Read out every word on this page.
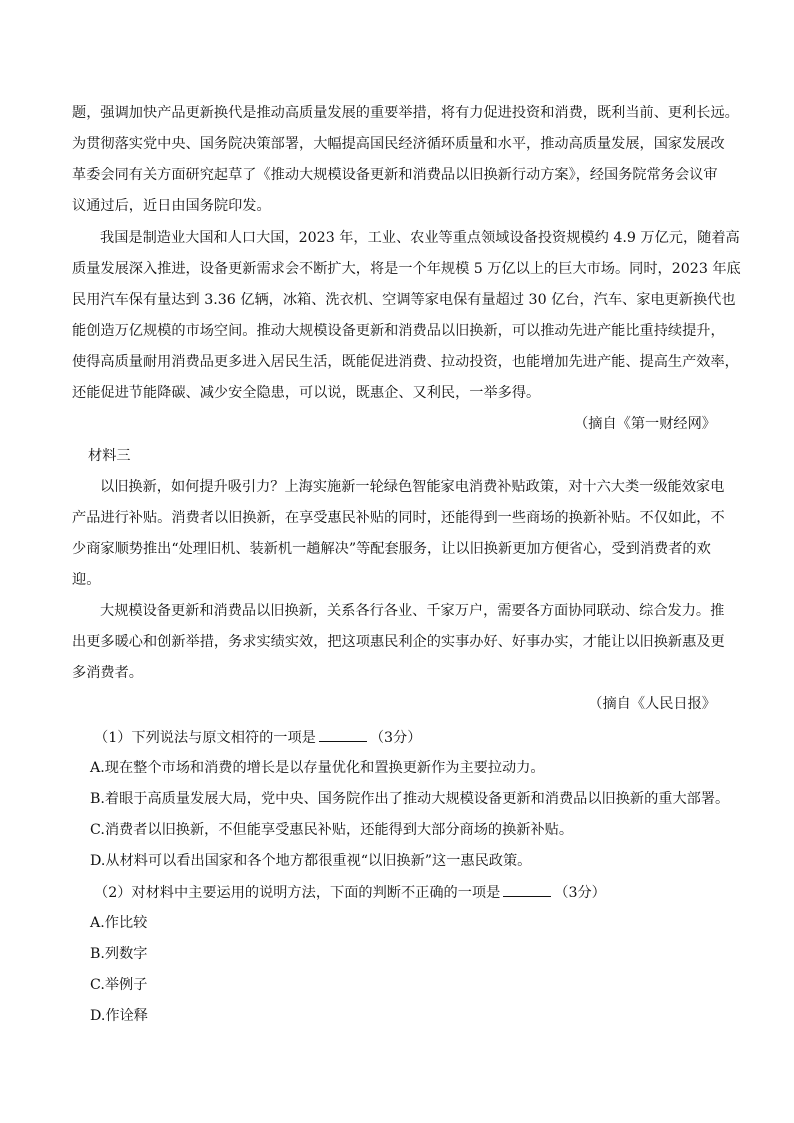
题，强调加快产品更新换代是推动高质量发展的重要举措，将有力促进投资和消费，既利当前、更利长远。
为贯彻落实党中央、国务院决策部署，大幅提高国民经济循环质量和水平，推动高质量发展，国家发展改
革委会同有关方面研究起草了《推动大规模设备更新和消费品以旧换新行动方案》，经国务院常务会议审
议通过后，近日由国务院印发。
我国是制造业大国和人口大国，2023 年，工业、农业等重点领域设备投资规模约 4.9 万亿元，随着高
质量发展深入推进，设备更新需求会不断扩大，将是一个年规模 5 万亿以上的巨大市场。同时，2023 年底
民用汽车保有量达到 3.36 亿辆，冰箱、洗衣机、空调等家电保有量超过 30 亿台，汽车、家电更新换代也
能创造万亿规模的市场空间。推动大规模设备更新和消费品以旧换新，可以推动先进产能比重持续提升，
使得高质量耐用消费品更多进入居民生活，既能促进消费、拉动投资，也能增加先进产能、提高生产效率，
还能促进节能降碳、减少安全隐患，可以说，既惠企、又利民，一举多得。
（摘自《第一财经网》
材料三
以旧换新，如何提升吸引力？上海实施新一轮绿色智能家电消费补贴政策，对十六大类一级能效家电
产品进行补贴。消费者以旧换新，在享受惠民补贴的同时，还能得到一些商场的换新补贴。不仅如此，不
少商家顺势推出“处理旧机、装新机一趟解决”等配套服务，让以旧换新更加方便省心，受到消费者的欢
迎。
大规模设备更新和消费品以旧换新，关系各行各业、千家万户，需要各方面协同联动、综合发力。推
出更多暖心和创新举措，务求实绩实效，把这项惠民利企的实事办好、好事办实，才能让以旧换新惠及更
多消费者。
（摘自《人民日报》
（1）下列说法与原文相符的一项是	（3分）
A.现在整个市场和消费的增长是以存量优化和置换更新作为主要拉动力。
B.着眼于高质量发展大局，党中央、国务院作出了推动大规模设备更新和消费品以旧换新的重大部署。
C.消费者以旧换新，不但能享受惠民补贴，还能得到大部分商场的换新补贴。
D.从材料可以看出国家和各个地方都很重视“以旧换新”这一惠民政策。
（2）对材料中主要运用的说明方法，下面的判断不正确的一项是	（3分）
A.作比较
B.列数字
C.举例子
D.作诠释
